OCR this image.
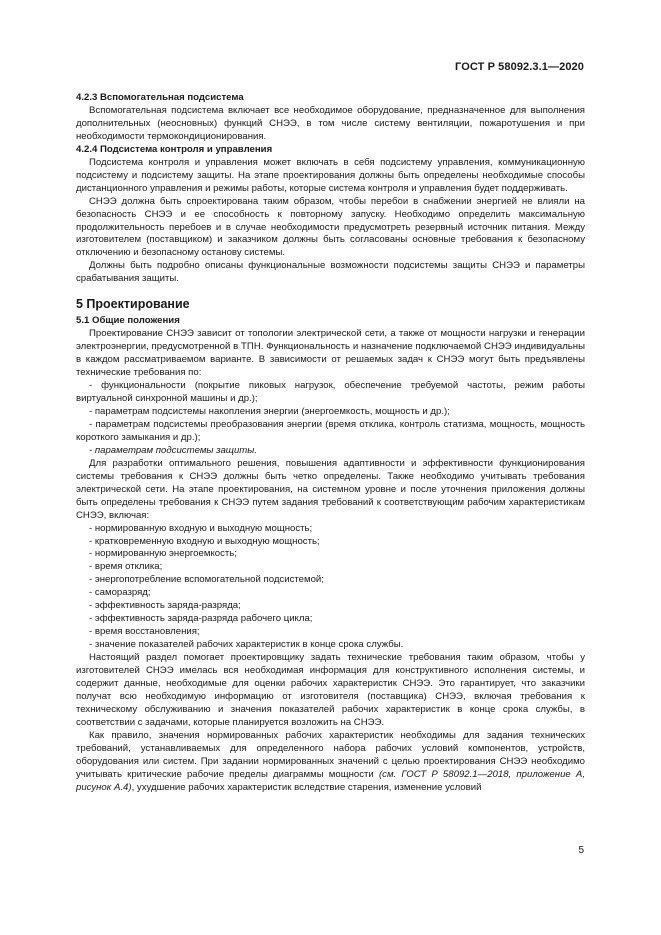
ГОСТ Р 58092.3.1—2020

4.2.3 Вспомогательная подсистема

Вспомогательная подсистема включает все необходимое оборудование, предназначенное для выполнения дополнительных (неосновных) функций СНЭЭ, в том числе систему вентиляции, пожаротушения и при необходимости термокондиционирования.

4.2.4 Подсистема контроля и управления

Подсистема контроля и управления может включать в себя подсистему управления, коммуникационную подсистему и подсистему защиты. На этапе проектирования должны быть определены необходимые способы дистанционного управления и режимы работы, которые система контроля и управления будет поддерживать.

СНЭЭ должна быть спроектирована таким образом, чтобы перебои в снабжении энергией не влияли на безопасность СНЭЭ и ее способность к повторному запуску. Необходимо определить максимальную продолжительность перебоев и в случае необходимости предусмотреть резервный источник питания. Между изготовителем (поставщиком) и заказчиком должны быть согласованы основные требования к безопасному отключению и безопасному останову системы.

Должны быть подробно описаны функциональные возможности подсистемы защиты СНЭЭ и параметры срабатывания защиты.

5 Проектирование

5.1 Общие положения

Проектирование СНЭЭ зависит от топологии электрической сети, а также от мощности нагрузки и генерации электроэнергии, предусмотренной в ТПН. Функциональность и назначение подключаемой СНЭЭ индивидуальны в каждом рассматриваемом варианте. В зависимости от решаемых задач к СНЭЭ могут быть предъявлены технические требования по:

- функциональности (покрытие пиковых нагрузок, обеспечение требуемой частоты, режим работы виртуальной синхронной машины и др.);

- параметрам подсистемы накопления энергии (энергоемкость, мощность и др.);

- параметрам подсистемы преобразования энергии (время отклика, контроль статизма, мощность, мощность короткого замыкания и др.);

- параметрам подсистемы защиты.

Для разработки оптимального решения, повышения адаптивности и эффективности функционирования системы требования к СНЭЭ должны быть четко определены. Также необходимо учитывать требования электрической сети. На этапе проектирования, на системном уровне и после уточнения приложения должны быть определены требования к СНЭЭ путем задания требований к соответствующим рабочим характеристикам СНЭЭ, включая:

- нормированную входную и выходную мощность;

- кратковременную входную и выходную мощность;

- нормированную энергоемкость;

- время отклика;

- энергопотребление вспомогательной подсистемой;

- саморазряд;

- эффективность заряда-разряда;

- эффективность заряда-разряда рабочего цикла;

- время восстановления;

- значение показателей рабочих характеристик в конце срока службы.

Настоящий раздел помогает проектировщику задать технические требования таким образом, чтобы у изготовителей СНЭЭ имелась вся необходимая информация для конструктивного исполнения системы, и содержит данные, необходимые для оценки рабочих характеристик СНЭЭ. Это гарантирует, что заказчики получат всю необходимую информацию от изготовителя (поставщика) СНЭЭ, включая требования к техническому обслуживанию и значения показателей рабочих характеристик в конце срока службы, в соответствии с задачами, которые планируется возложить на СНЭЭ.

Как правило, значения нормированных рабочих характеристик необходимы для задания технических требований, устанавливаемых для определенного набора рабочих условий компонентов, устройств, оборудования или систем. При задании нормированных значений с целью проектирования СНЭЭ необходимо учитывать критические рабочие пределы диаграммы мощности (см. ГОСТ Р 58092.1—2018, приложение А, рисунок А.4), ухудшение рабочих характеристик вследствие старения, изменение условий

5
